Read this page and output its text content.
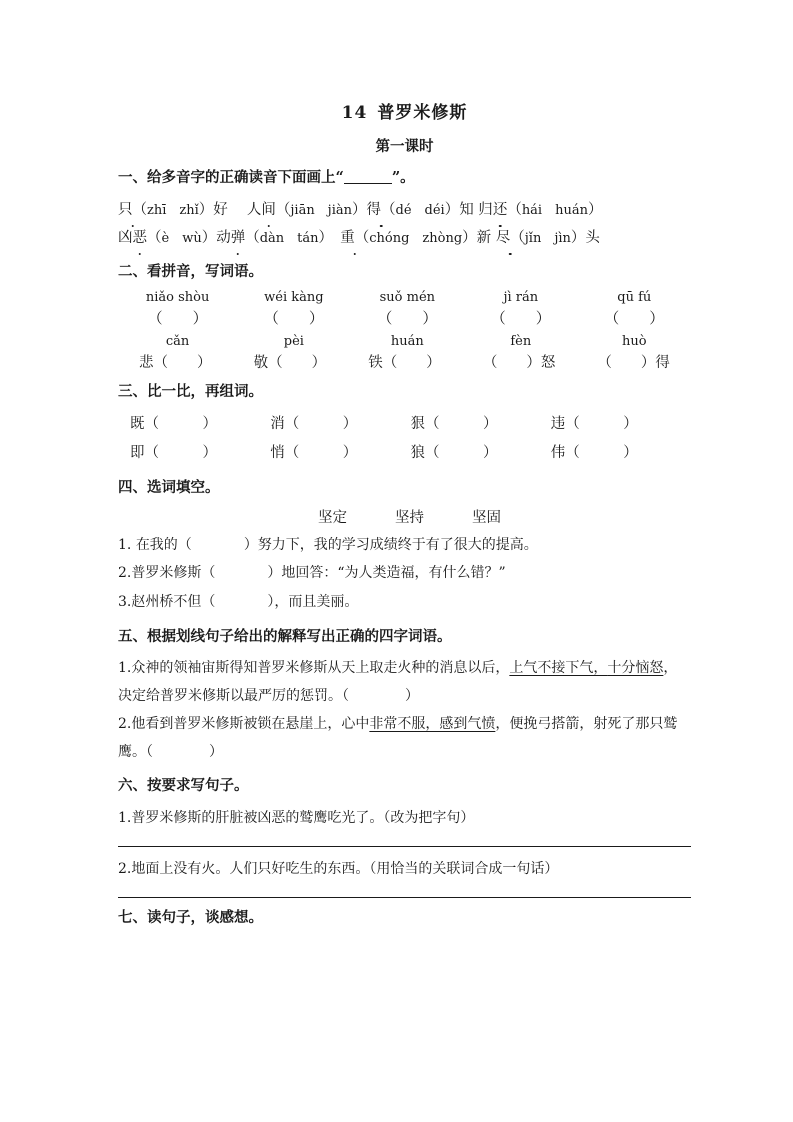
14 普罗米修斯
第一课时
一、给多音字的正确读音下面画上“	”。
只（zhī　zhǐ）好　 人间（jiān　jiàn）得（dé　déi）知 归还（hái　huán）
凶恶（è　wù）动弹（dàn　tán）　重（chóng　zhòng）新 尽（jǐn　jìn）头
二、看拼音，写词语。
niǎo shòu	wéi kàng	suǒ mén	jì rán	qū fú
（　　）	（　　）	（　　）	（　　）	（　　）
cǎn	pèi	huán	fèn	huò
悲（　　）	敬（　　）	铁（　　）	（　　）怒	（　　）得
三、比一比，再组词。
既（　　　）	消（　　　）	狠（　　　）	违（　　　）
即（　　　）	悄（　　　）	狼（　　　）	伟（　　　）
四、选词填空。
坚定	坚持	坚固
1. 在我的（	）努力下，我的学习成绩终于有了很大的提高。
2.普罗米修斯（	）地回答：“为人类造福，有什么错？”
3.赵州桥不但（	），而且美丽。
五、根据划线句子给出的解释写出正确的四字词语。
1.众神的领袖宙斯得知普罗米修斯从天上取走火种的消息以后，上气不接下气，十分恼怒，决定给普罗米修斯以最严厉的惩罚。（　　　　）
2.他看到普罗米修斯被锁在悬崖上，心中非常不服，感到气愤，便挽弓搭箭，射死了那只鹫鹰。（　　　　）
六、按要求写句子。
1.普罗米修斯的肝脏被凶恶的鹫鹰吃光了。（改为把字句）
2.地面上没有火。人们只好吃生的东西。（用恰当的关联词合成一句话）
七、读句子，谈感想。
